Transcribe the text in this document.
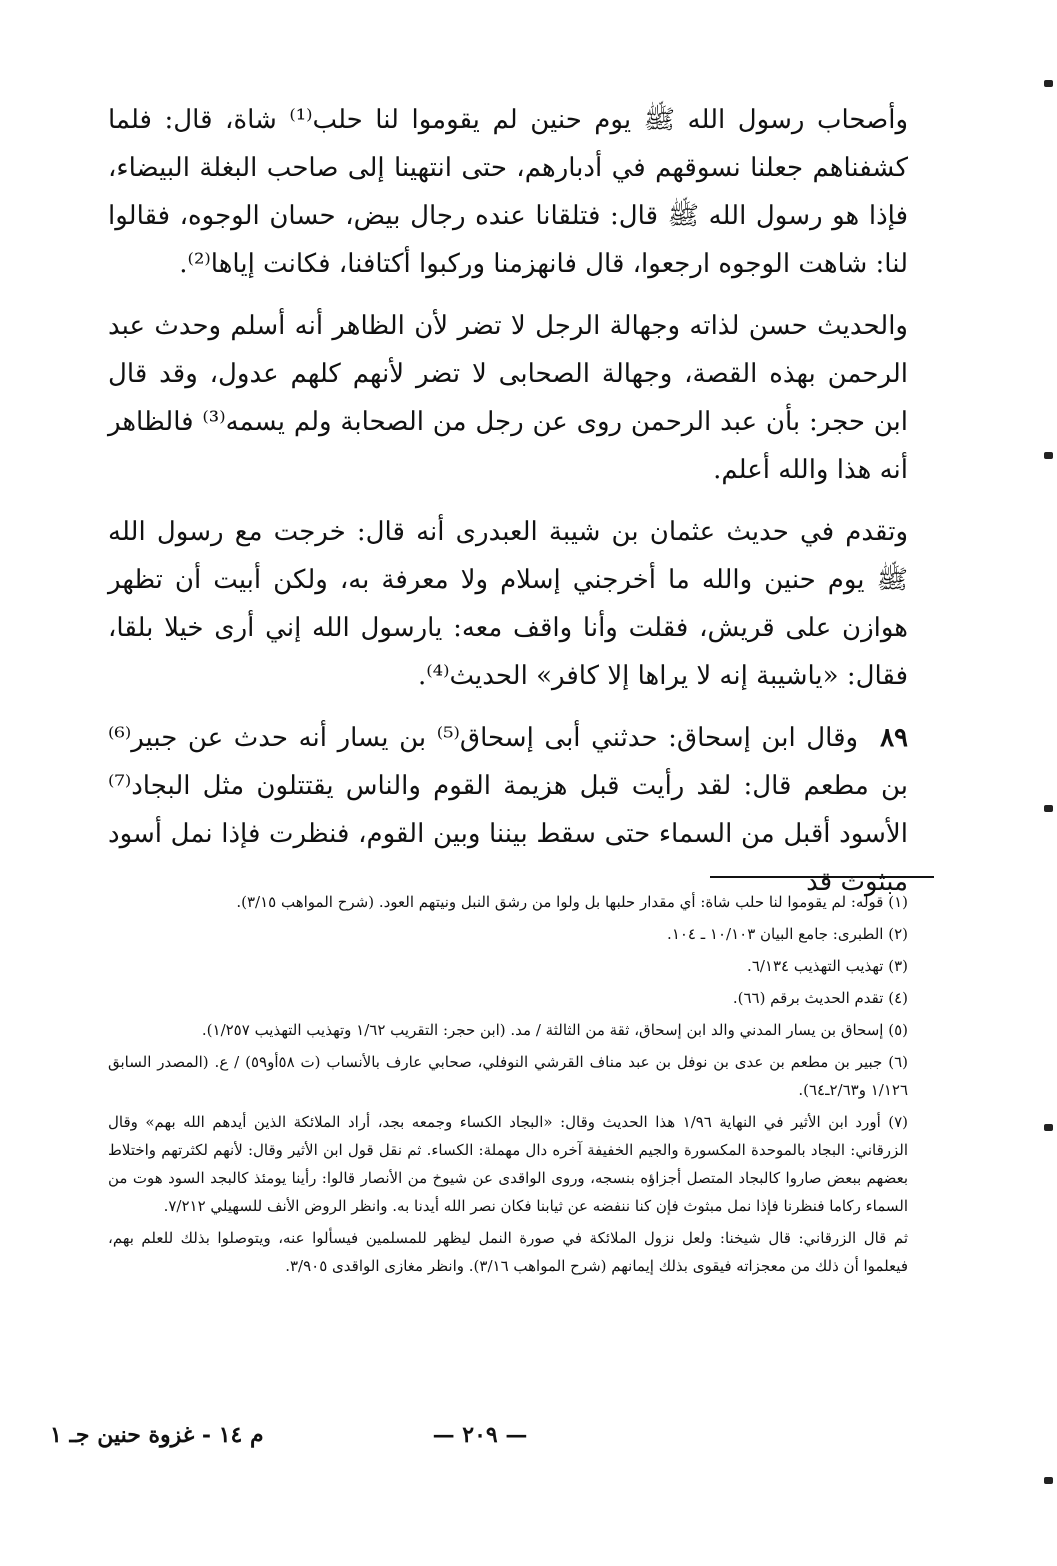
وأصحاب رسول الله ﷺ يوم حنين لم يقوموا لنا حلب⁽¹⁾ شاة، قال: فلما كشفناهم جعلنا نسوقهم في أدبارهم، حتى انتهينا إلى صاحب البغلة البيضاء، فإذا هو رسول الله ﷺ قال: فتلقانا عنده رجال بيض، حسان الوجوه، فقالوا لنا: شاهت الوجوه ارجعوا، قال فانهزمنا وركبوا أكتافنا، فكانت إياها⁽²⁾.

والحديث حسن لذاته وجهالة الرجل لا تضر لأن الظاهر أنه أسلم وحدث عبد الرحمن بهذه القصة، وجهالة الصحابى لا تضر لأنهم كلهم عدول، وقد قال ابن حجر: بأن عبد الرحمن روى عن رجل من الصحابة ولم يسمه⁽³⁾ فالظاهر أنه هذا والله أعلم.

وتقدم في حديث عثمان بن شيبة العبدرى أنه قال: خرجت مع رسول الله ﷺ يوم حنين والله ما أخرجني إسلام ولا معرفة به، ولكن أبيت أن تظهر هوازن على قريش، فقلت وأنا واقف معه: يارسول الله إني أرى خيلا بلقا، فقال: «ياشيبة إنه لا يراها إلا كافر» الحديث⁽⁴⁾.

٨٩وقال ابن إسحاق: حدثني أبى إسحاق⁽⁵⁾ بن يسار أنه حدث عن جبير⁽⁶⁾ بن مطعم قال: لقد رأيت قبل هزيمة القوم والناس يقتتلون مثل البجاد⁽⁷⁾ الأسود أقبل من السماء حتى سقط بيننا وبين القوم، فنظرت فإذا نمل أسود مبثوث قد

(١) قوله: لم يقوموا لنا حلب شاة: أي مقدار حلبها بل ولوا من رشق النبل ونيتهم العود. (شرح المواهب ٣/١٥).

(٢) الطبرى: جامع البيان ١٠/١٠٣ ـ ١٠٤.

(٣) تهذيب التهذيب ٦/١٣٤.

(٤) تقدم الحديث برقم (٦٦).

(٥) إسحاق بن يسار المدني والد ابن إسحاق، ثقة من الثالثة / مد. (ابن حجر: التقريب ١/٦٢ وتهذيب التهذيب ١/٢٥٧).

(٦) جبير بن مطعم بن عدى بن نوفل بن عبد مناف القرشي النوفلي، صحابي عارف بالأنساب (ت ٥٨أو٥٩) / ع. (المصدر السابق ١/١٢٦ و٢/٦٣ـ٦٤).

(٧) أورد ابن الأثير في النهاية ١/٩٦ هذا الحديث وقال: «البجاد الكساء وجمعه بجد، أراد الملائكة الذين أيدهم الله بهم» وقال الزرقاني: البجاد بالموحدة المكسورة والجيم الخفيفة آخره دال مهملة: الكساء. ثم نقل قول ابن الأثير وقال: لأنهم لكثرتهم واختلاط بعضهم ببعض صاروا كالبجاد المتصل أجزاؤه بنسجه، وروى الواقدى عن شيوخ من الأنصار قالوا: رأينا يومئذ كالبجد السود هوت من السماء ركاما فنظرنا فإذا نمل مبثوث فإن كنا ننفضه عن ثيابنا فكان نصر الله أيدنا به. وانظر الروض الأنف للسهيلي ٧/٢١٢.

ثم قال الزرقاني: قال شيخنا: ولعل نزول الملائكة في صورة النمل ليظهر للمسلمين فيسألوا عنه، ويتوصلوا بذلك للعلم بهم، فيعلموا أن ذلك من معجزاته فيقوى بذلك إيمانهم (شرح المواهب ٣/١٦). وانظر مغازى الواقدى ٣/٩٠٥.

— ٢٠٩ —
م ١٤ - غزوة حنين جـ ١
